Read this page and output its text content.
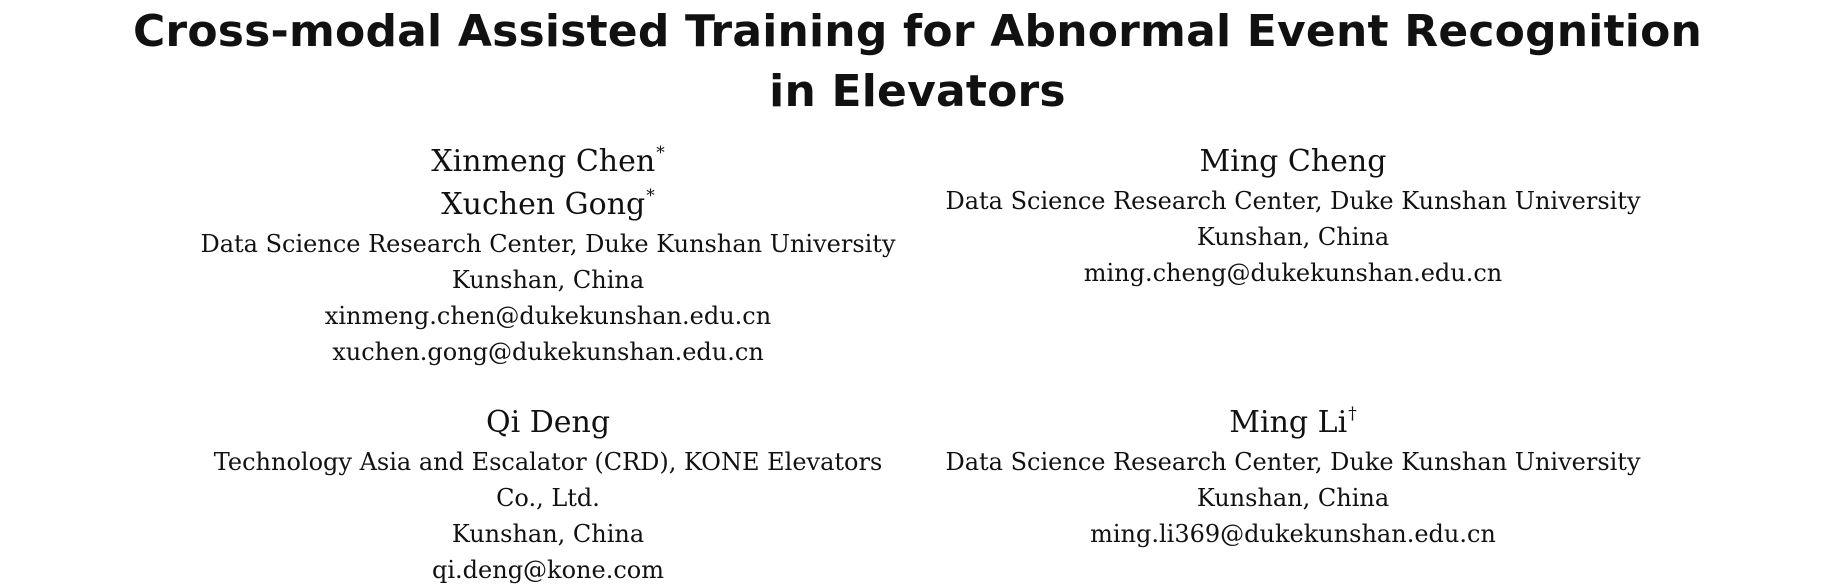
Cross-modal Assisted Training for Abnormal Event Recognition
in Elevators
Xinmeng Chen*
Xuchen Gong*
Data Science Research Center, Duke Kunshan University
Kunshan, China
xinmeng.chen@dukekunshan.edu.cn
xuchen.gong@dukekunshan.edu.cn
Ming Cheng
Data Science Research Center, Duke Kunshan University
Kunshan, China
ming.cheng@dukekunshan.edu.cn
Qi Deng
Technology Asia and Escalator (CRD), KONE Elevators
Co., Ltd.
Kunshan, China
qi.deng@kone.com
Ming Li†
Data Science Research Center, Duke Kunshan University
Kunshan, China
ming.li369@dukekunshan.edu.cn
